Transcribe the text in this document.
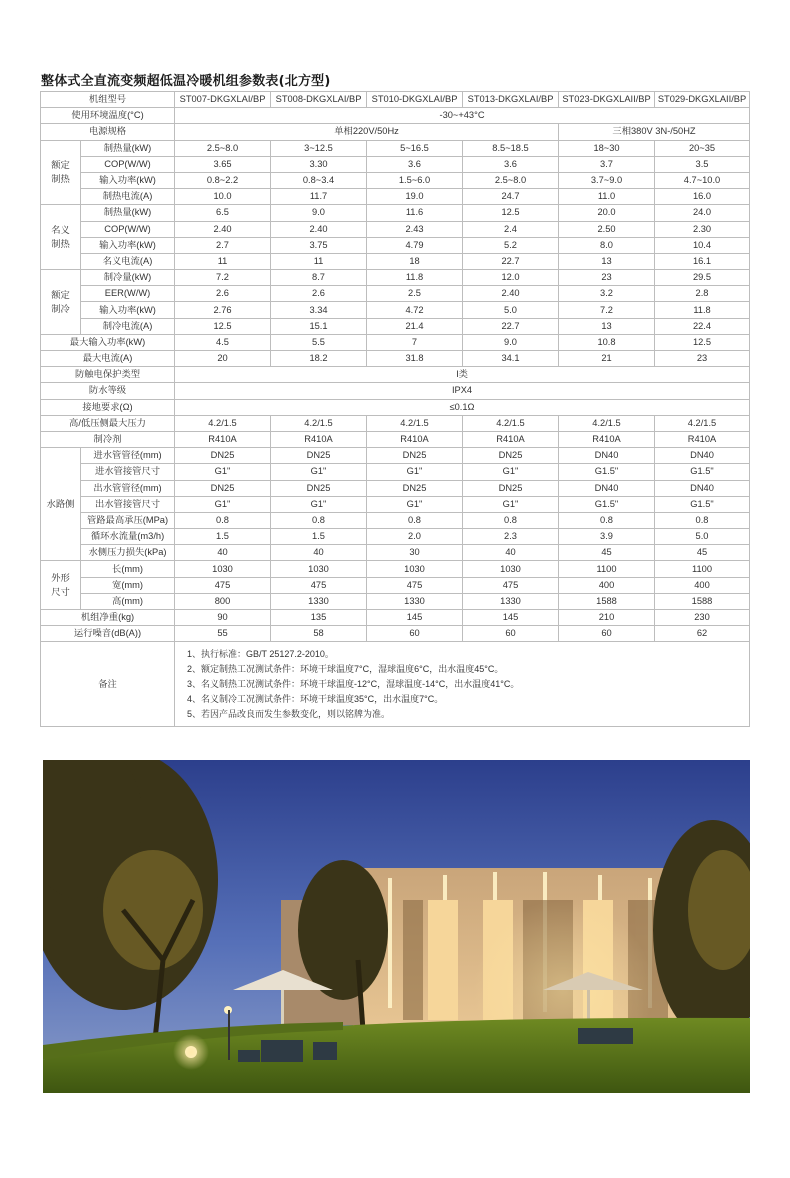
整体式全直流变频超低温冷暖机组参数表(北方型)
机组型号		ST007-DKGXLAI/BP	ST008-DKGXLAI/BP	ST010-DKGXLAI/BP	ST013-DKGXLAI/BP	ST023-DKGXLAII/BP	ST029-DKGXLAII/BP
使用环境温度(°C)		-30~+43°C					
电源规格		单相220V/50Hz				三相380V 3N-/50HZ	

额定
制热	制热量(kW)	2.5~8.0	3~12.5	5~16.5	8.5~18.5	18~30	20~35
	COP(W/W)	3.65	3.30	3.6	3.6	3.7	3.5
	输入功率(kW)	0.8~2.2	0.8~3.4	1.5~6.0	2.5~8.0	3.7~9.0	4.7~10.0
	制热电流(A)	10.0	11.7	19.0	24.7	11.0	16.0

名义
制热	制热量(kW)	6.5	9.0	11.6	12.5	20.0	24.0
	COP(W/W)	2.40	2.40	2.43	2.4	2.50	2.30
	输入功率(kW)	2.7	3.75	4.79	5.2	8.0	10.4
	名义电流(A)	11	11	18	22.7	13	16.1

额定
制冷	制冷量(kW)	7.2	8.7	11.8	12.0	23	29.5
	EER(W/W)	2.6	2.6	2.5	2.40	3.2	2.8
	输入功率(kW)	2.76	3.34	4.72	5.0	7.2	11.8
	制冷电流(A)	12.5	15.1	21.4	22.7	13	22.4
最大输入功率(kW)		4.5	5.5	7	9.0	10.8	12.5
最大电流(A)		20	18.2	31.8	34.1	21	23
防触电保护类型		I类					
防水等级		IPX4					
接地要求(Ω)		≤0.1Ω					
高/低压侧最大压力		4.2/1.5	4.2/1.5	4.2/1.5	4.2/1.5	4.2/1.5	4.2/1.5
制冷剂		R410A	R410A	R410A	R410A	R410A	R410A

水路侧	进水管管径(mm)	DN25	DN25	DN25	DN25	DN40	DN40
	进水管接管尺寸	G1"	G1"	G1"	G1"	G1.5"	G1.5"
	出水管管径(mm)	DN25	DN25	DN25	DN25	DN40	DN40
	出水管接管尺寸	G1"	G1"	G1"	G1"	G1.5"	G1.5"
	管路最高承压(MPa)	0.8	0.8	0.8	0.8	0.8	0.8
	循环水流量(m3/h)	1.5	1.5	2.0	2.3	3.9	5.0
	水侧压力损失(kPa)	40	40	30	40	45	45

外形
尺寸	长(mm)	1030	1030	1030	1030	1100	1100
	宽(mm)	475	475	475	475	400	400
	高(mm)	800	1330	1330	1330	1588	1588
机组净重(kg)		90	135	145	145	210	230
运行噪音(dB(A))		55	58	60	60	60	62
备注		1、执行标准：GB/T 25127.2-2010。
2、额定制热工况测试条件：环境干球温度7°C，湿球温度6°C，出水温度45°C。
3、名义制热工况测试条件：环境干球温度-12°C，湿球温度-14°C，出水温度41°C。
4、名义制冷工况测试条件：环境干球温度35°C，出水温度7°C。
5、若因产品改良而发生参数变化，则以铭牌为准。					
